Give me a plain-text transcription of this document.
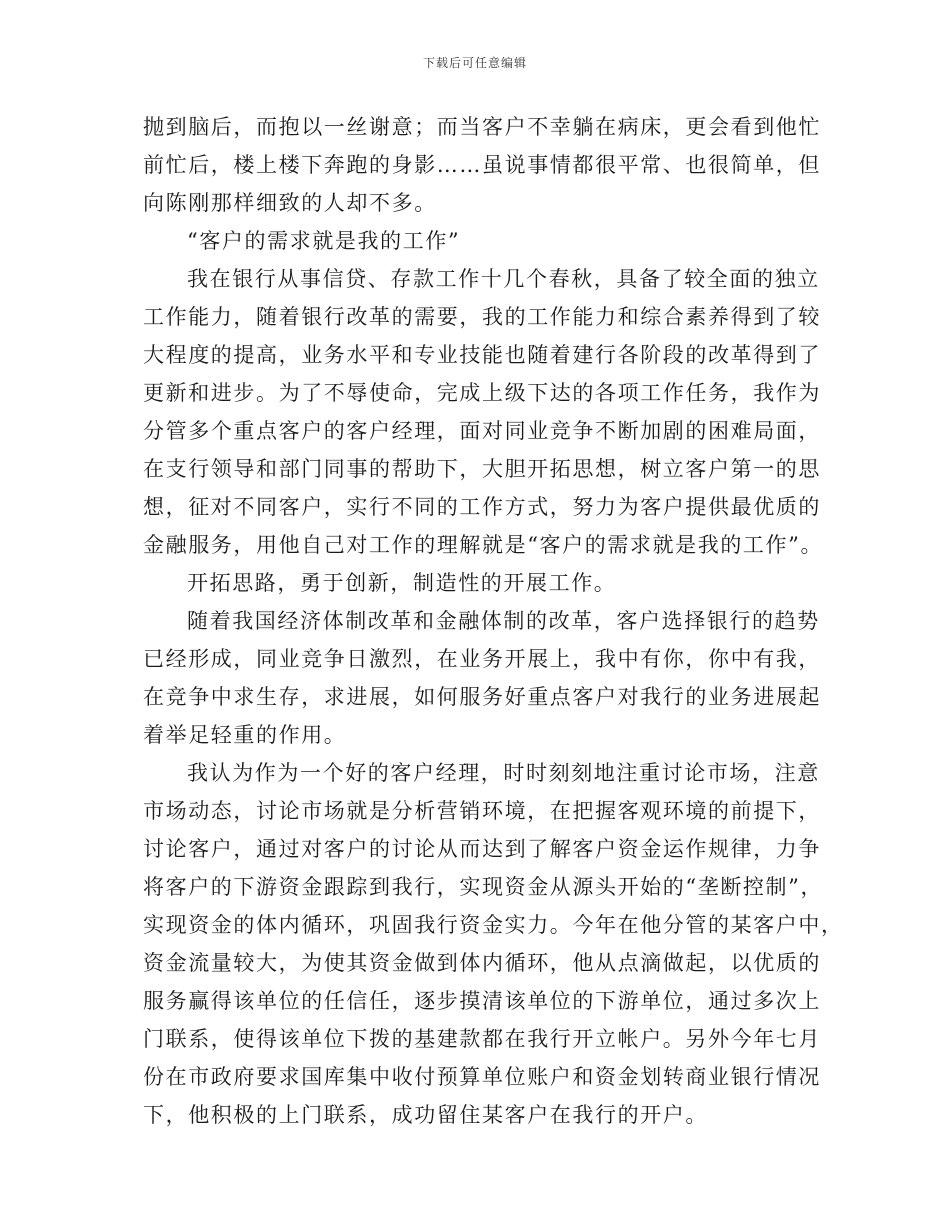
下载后可任意编辑
抛到脑后，而抱以一丝谢意；而当客户不幸躺在病床，更会看到他忙
前忙后，楼上楼下奔跑的身影……虽说事情都很平常、也很简单，但
向陈刚那样细致的人却不多。
“客户的需求就是我的工作”
我在银行从事信贷、存款工作十几个春秋，具备了较全面的独立
工作能力，随着银行改革的需要，我的工作能力和综合素养得到了较
大程度的提高，业务水平和专业技能也随着建行各阶段的改革得到了
更新和进步。为了不辱使命，完成上级下达的各项工作任务，我作为
分管多个重点客户的客户经理，面对同业竞争不断加剧的困难局面，
在支行领导和部门同事的帮助下，大胆开拓思想，树立客户第一的思
想，征对不同客户，实行不同的工作方式，努力为客户提供最优质的
金融服务，用他自己对工作的理解就是“客户的需求就是我的工作”。
开拓思路，勇于创新，制造性的开展工作。
随着我国经济体制改革和金融体制的改革，客户选择银行的趋势
已经形成，同业竞争日激烈，在业务开展上，我中有你，你中有我，
在竞争中求生存，求进展，如何服务好重点客户对我行的业务进展起
着举足轻重的作用。
我认为作为一个好的客户经理，时时刻刻地注重讨论市场，注意
市场动态，讨论市场就是分析营销环境，在把握客观环境的前提下，
讨论客户，通过对客户的讨论从而达到了解客户资金运作规律，力争
将客户的下游资金跟踪到我行，实现资金从源头开始的“垄断控制”，
实现资金的体内循环，巩固我行资金实力。今年在他分管的某客户中，
资金流量较大，为使其资金做到体内循环，他从点滴做起，以优质的
服务赢得该单位的任信任，逐步摸清该单位的下游单位，通过多次上
门联系，使得该单位下拨的基建款都在我行开立帐户。另外今年七月
份在市政府要求国库集中收付预算单位账户和资金划转商业银行情况
下，他积极的上门联系，成功留住某客户在我行的开户。
